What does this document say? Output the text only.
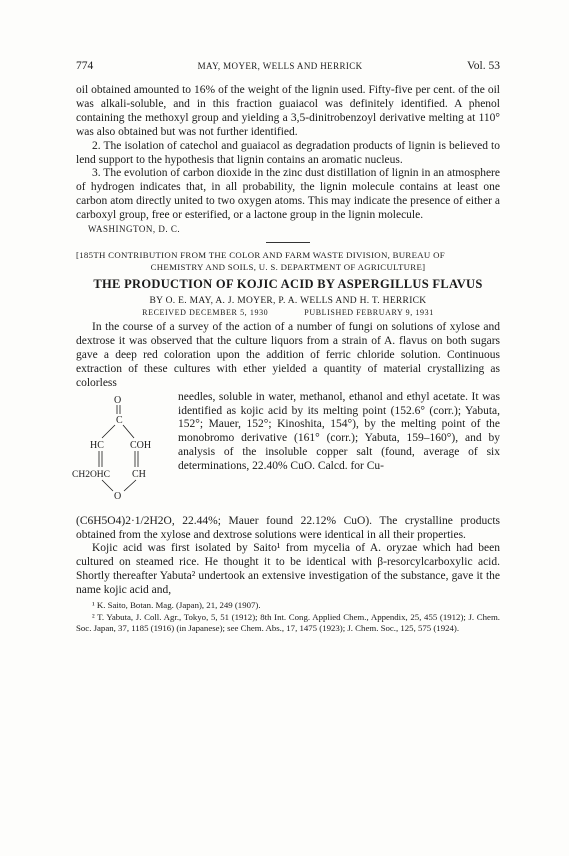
774	MAY, MOYER, WELLS AND HERRICK	Vol. 53

oil obtained amounted to 16% of the weight of the lignin used. Fifty-five per cent. of the oil was alkali-soluble, and in this fraction guaiacol was definitely identified. A phenol containing the methoxyl group and yielding a 3,5-dinitrobenzoyl derivative melting at 110° was also obtained but was not further identified.

2. The isolation of catechol and guaiacol as degradation products of lignin is believed to lend support to the hypothesis that lignin contains an aromatic nucleus.

3. The evolution of carbon dioxide in the zinc dust distillation of lignin in an atmosphere of hydrogen indicates that, in all probability, the lignin molecule contains at least one carbon atom directly united to two oxygen atoms. This may indicate the presence of either a carboxyl group, free or esterified, or a lactone group in the lignin molecule.

WASHINGTON, D. C.
[185TH CONTRIBUTION FROM THE COLOR AND FARM WASTE DIVISION, BUREAU OF
CHEMISTRY AND SOILS, U. S. DEPARTMENT OF AGRICULTURE]
THE PRODUCTION OF KOJIC ACID BY ASPERGILLUS FLAVUS
BY O. E. MAY, A. J. MOYER, P. A. WELLS AND H. T. HERRICK
RECEIVED DECEMBER 5, 1930	PUBLISHED FEBRUARY 9, 1931

In the course of a survey of the action of a number of fungi on solutions of xylose and dextrose it was observed that the culture liquors from a strain of A. flavus on both sugars gave a deep red coloration upon the addition of ferric chloride solution. Continuous extraction of these cultures with ether yielded a quantity of material crystallizing as colorless

O
C
HC	COH
CH2OHC CH
O

needles, soluble in water, methanol, ethanol and ethyl acetate. It was identified as kojic acid by its melting point (152.6° (corr.); Yabuta, 152°; Mauer, 152°; Kinoshita, 154°), by the melting point of the monobromo derivative (161° (corr.); Yabuta, 159–160°), and by analysis of the insoluble copper salt (found, average of six determinations, 22.40% CuO. Calcd. for Cu-

(C6H5O4)2·1/2H2O, 22.44%; Mauer found 22.12% CuO). The crystalline products obtained from the xylose and dextrose solutions were identical in all their properties.

Kojic acid was first isolated by Saito¹ from mycelia of A. oryzae which had been cultured on steamed rice. He thought it to be identical with β-resorcylcarboxylic acid. Shortly thereafter Yabuta² undertook an extensive investigation of the substance, gave it the name kojic acid and,

¹ K. Saito, Botan. Mag. (Japan), 21, 249 (1907).
² T. Yabuta, J. Coll. Agr., Tokyo, 5, 51 (1912); 8th Int. Cong. Applied Chem., Appendix, 25, 455 (1912); J. Chem. Soc. Japan, 37, 1185 (1916) (in Japanese); see Chem. Abs., 17, 1475 (1923); J. Chem. Soc., 125, 575 (1924).
